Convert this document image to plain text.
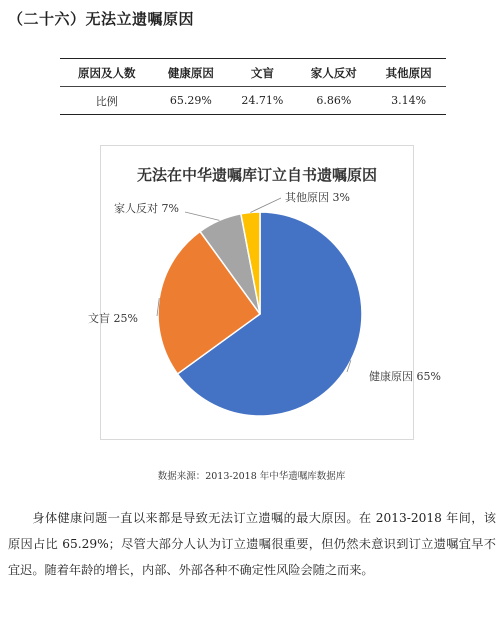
（二十六）无法立遗嘱原因
原因及人数	健康原因	文盲	家人反对	其他原因
比例	65.29%	24.71%	6.86%	3.14%
无法在中华遗嘱库订立自书遗嘱原因
健康原因 65%
文盲 25%
家人反对 7%
其他原因 3%
数据来源：2013-2018 年中华遗嘱库数据库

身体健康问题一直以来都是导致无法订立遗嘱的最大原因。在 2013-2018 年间，该原因占比 65.29%；尽管大部分人认为订立遗嘱很重要，但仍然未意识到订立遗嘱宜早不宜迟。随着年龄的增长，内部、外部各种不确定性风险会随之而来。
